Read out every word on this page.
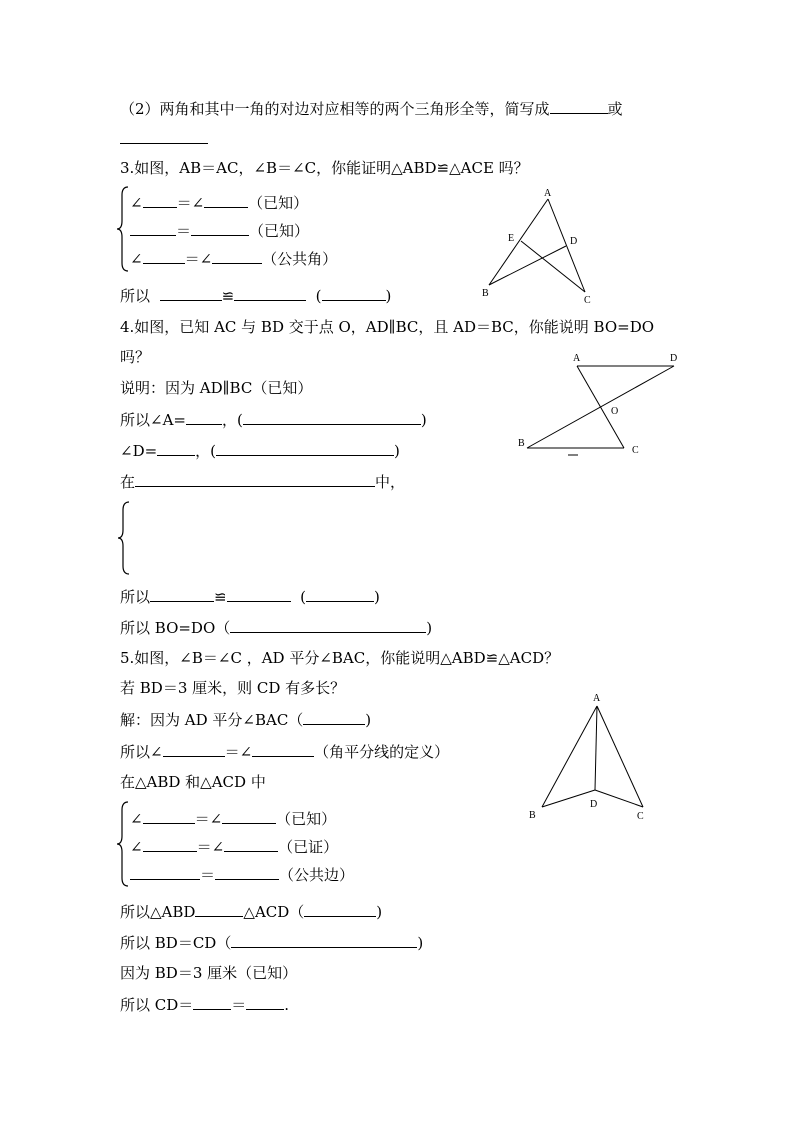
（2）两角和其中一角的对边对应相等的两个三角形全等，简写成	或
3.如图，AB＝AC，∠B＝∠C，你能证明△ABD≌△ACE 吗？
∠ ＝∠	（已知）
＝	（已知）
∠	＝∠	（公共角）
所以	≌	(	)
A
B
C
D
E
4.如图，已知 AC 与 BD 交于点 O，AD∥BC，且 AD＝BC，你能说明 BO=DO
吗？
说明：因为 AD∥BC（已知）
所以∠A= ，(	)
∠D=	，(	)
在	中，
所以	≌	(	)
所以 BO=DO（	)
A	D
B
C
O
5.如图，∠B＝∠C ，AD 平分∠BAC，你能说明△ABD≌△ACD？
若 BD＝3 厘米，则 CD 有多长？
解：因为 AD 平分∠BAC（	)
所以∠	＝∠	（角平分线的定义）
在△ABD 和△ACD 中
∠	＝∠	（已知）
∠	＝∠	（已证）
＝	（公共边）
所以△ABD	△ACD（	)
所以 BD＝CD（	)
因为 BD＝3 厘米（已知）
所以 CD＝	＝	.
A
B	C
D
